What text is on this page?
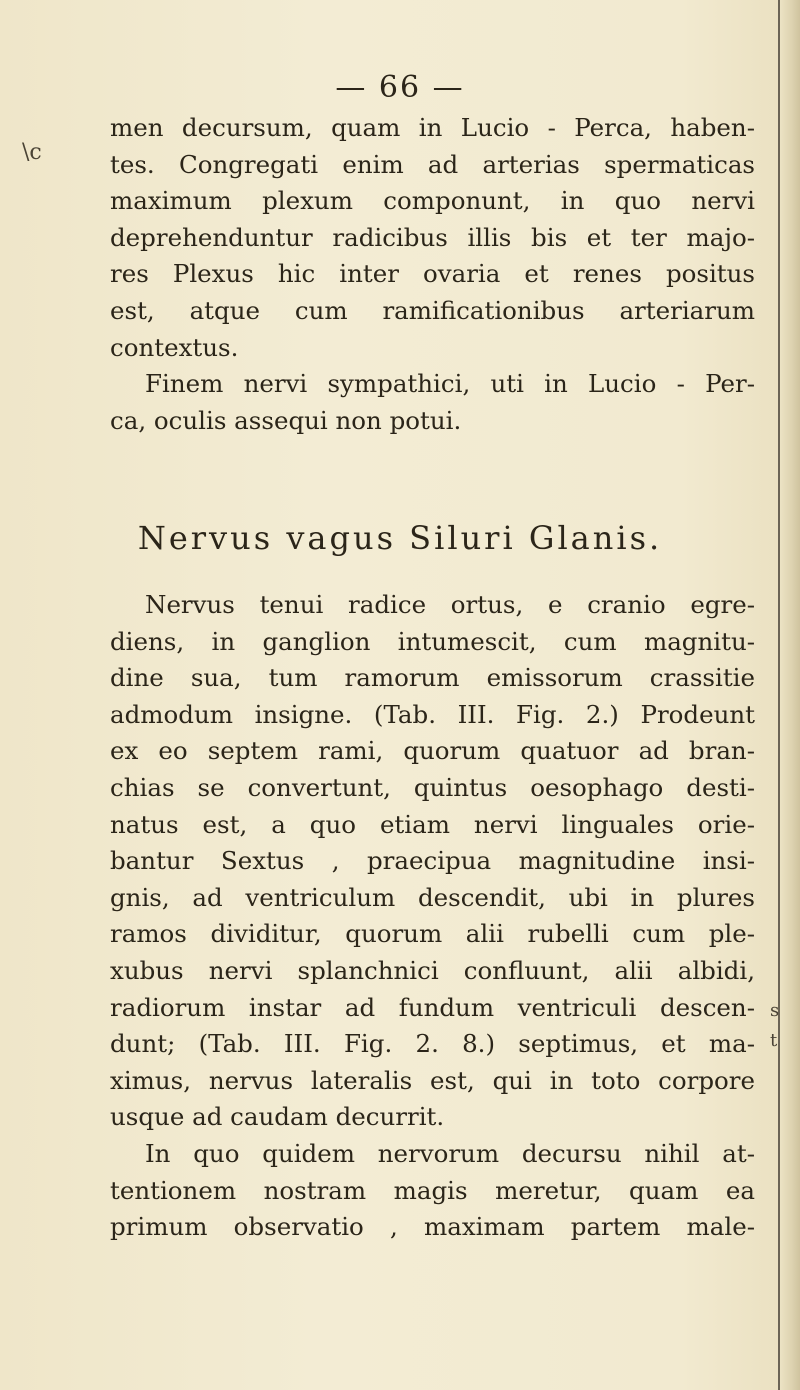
— 66 —
\c
s
t
men decursum, quam in Lucio - Perca, haben-
tes. Congregati enim ad arterias spermaticas
maximum plexum componunt, in quo nervi
deprehenduntur radicibus illis bis et ter majo-
res Plexus hic inter ovaria et renes positus
est, atque cum ramificationibus arteriarum
contextus.
Finem nervi sympathici, uti in Lucio - Per-
ca, oculis assequi non potui.
Nervus vagus Siluri Glanis.
Nervus tenui radice ortus, e cranio egre-
diens, in ganglion intumescit, cum magnitu-
dine sua, tum ramorum emissorum crassitie
admodum insigne. (Tab. III. Fig. 2.) Prodeunt
ex eo septem rami, quorum quatuor ad bran-
chias se convertunt, quintus oesophago desti-
natus est, a quo etiam nervi linguales orie-
bantur Sextus , praecipua magnitudine insi-
gnis, ad ventriculum descendit, ubi in plures
ramos dividitur, quorum alii rubelli cum ple-
xubus nervi splanchnici confluunt, alii albidi,
radiorum instar ad fundum ventriculi descen-
dunt; (Tab. III. Fig. 2. 8.) septimus, et ma-
ximus, nervus lateralis est, qui in toto corpore
usque ad caudam decurrit.
In quo quidem nervorum decursu nihil at-
tentionem nostram magis meretur, quam ea
primum observatio , maximam partem male-
